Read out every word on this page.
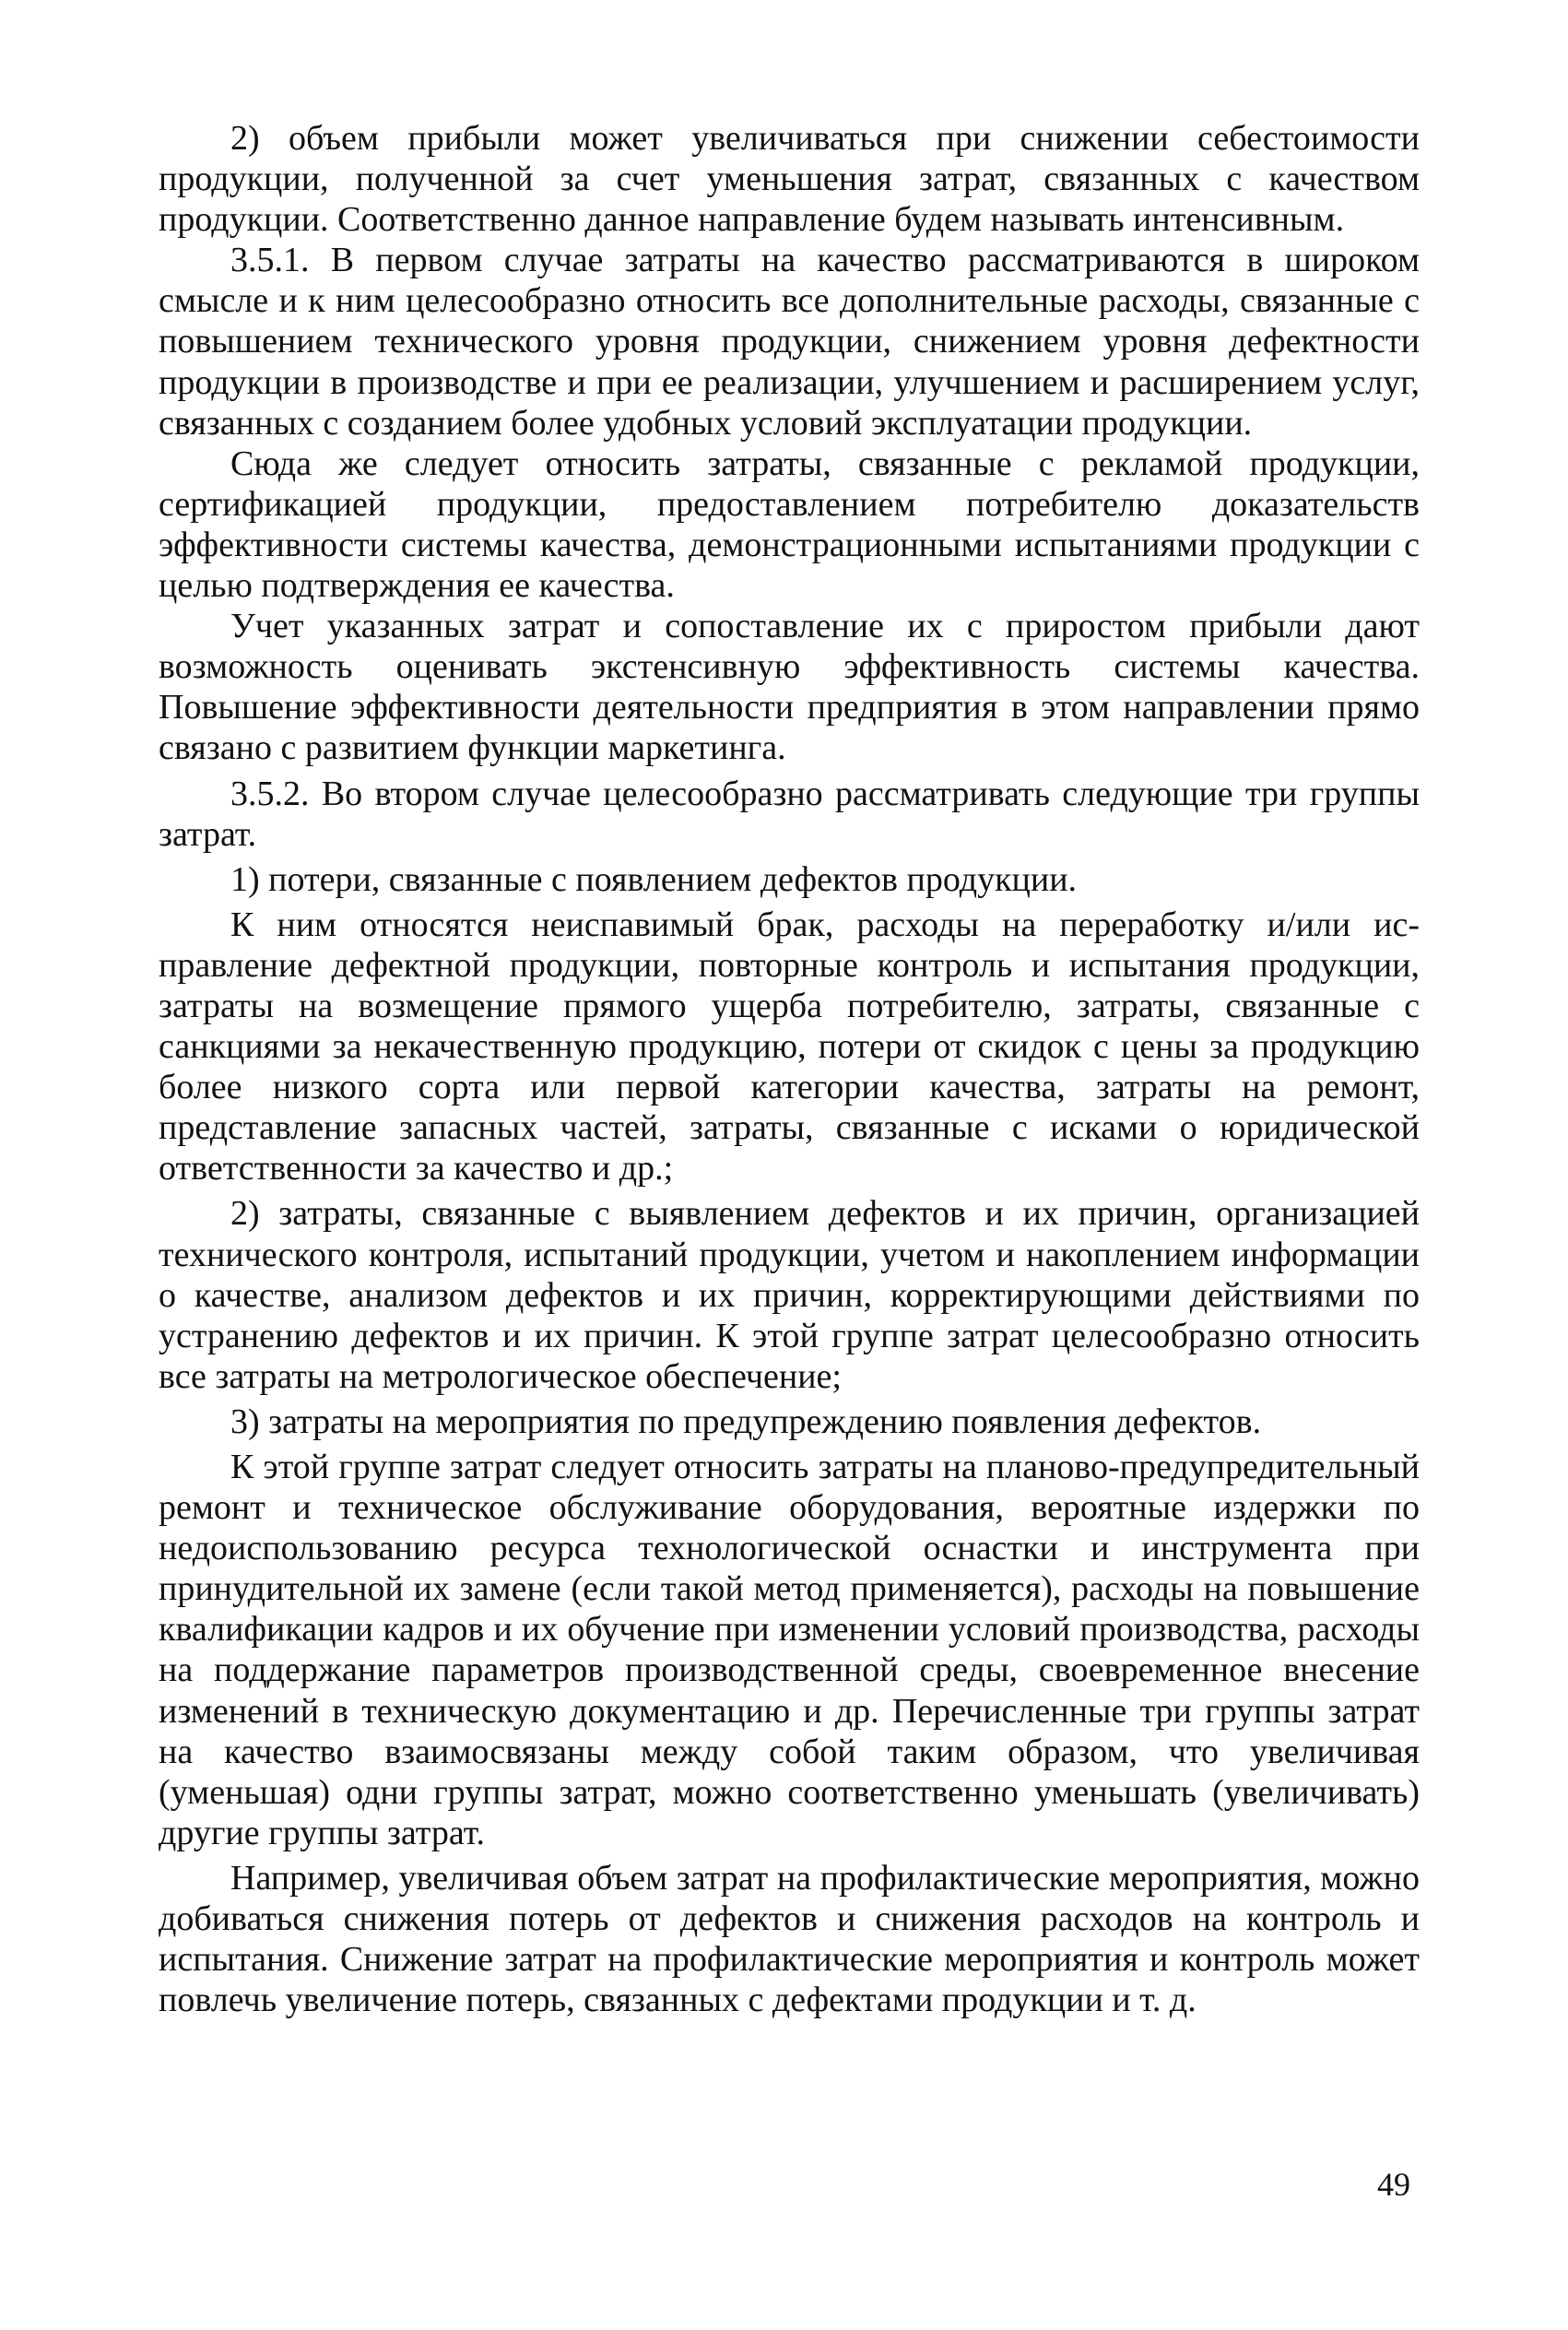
2) объем прибыли может увеличиваться при снижении себестоимости продукции, полученной за счет уменьшения затрат, связанных с качеством продукции. Соответственно данное направление будем называть интенсивным.

3.5.1. В первом случае затраты на качество рассматриваются в широком смысле и к ним целесообразно относить все дополнительные расходы, связанные с повышением технического уровня продукции, снижением уровня дефектности продукции в производстве и при ее реализации, улучшением и расширением услуг, связанных с созданием более удобных условий эксплуатации продукции.

Сюда же следует относить затраты, связанные с рекламой продукции, сертификацией продукции, предоставлением потребителю доказательств эффективности системы качества, демонстрационными испытаниями продукции с целью подтверждения ее качества.

Учет указанных затрат и сопоставление их с приростом прибыли дают возможность оценивать экстенсивную эффективность системы качества. Повышение эффективности деятельности предприятия в этом направлении прямо связано с развитием функции маркетинга.

3.5.2. Во втором случае целесообразно рассматривать следующие три группы затрат.

1) потери, связанные с появлением дефектов продукции.

К ним относятся неиспавимый брак, расходы на переработку и/или исправление дефектной продукции, повторные контроль и испытания продукции, затраты на возмещение прямого ущерба потребителю, затраты, связанные с санкциями за некачественную продукцию, потери от скидок с цены за продукцию более низкого сорта или первой категории качества, затраты на ремонт, представление запасных частей, затраты, связанные с исками о юридической ответственности за качество и др.;

2) затраты, связанные с выявлением дефектов и их причин, организацией технического контроля, испытаний продукции, учетом и накоплением информации о качестве, анализом дефектов и их причин, корректирующими действиями по устранению дефектов и их причин. К этой группе затрат целесообразно относить все затраты на метрологическое обеспечение;

3) затраты на мероприятия по предупреждению появления дефектов.

К этой группе затрат следует относить затраты на планово-предупредительный ремонт и техническое обслуживание оборудования, вероятные издержки по недоиспользованию ресурса технологической оснастки и инструмента при принудительной их замене (если такой метод применяется), расходы на повышение квалификации кадров и их обучение при изменении условий производства, расходы на поддержание параметров производственной среды, своевременное внесение изменений в техническую документацию и др. Перечисленные три группы затрат на качество взаимосвязаны между собой таким образом, что увеличивая (уменьшая) одни группы затрат, можно соответственно уменьшать (увеличивать) другие группы затрат.

Например, увеличивая объем затрат на профилактические мероприятия, можно добиваться снижения потерь от дефектов и снижения расходов на контроль и испытания. Снижение затрат на профилактические мероприятия и контроль может повлечь увеличение потерь, связанных с дефектами продукции и т. д.

49
